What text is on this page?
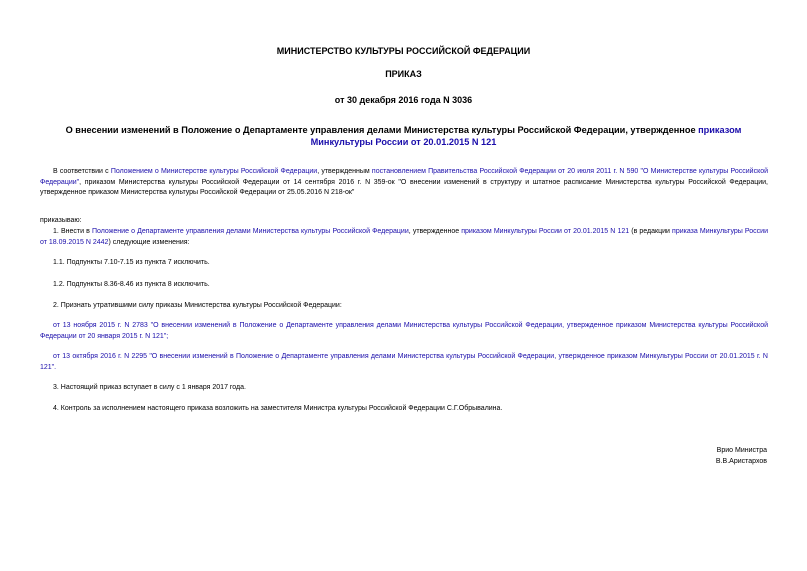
МИНИСТЕРСТВО КУЛЬТУРЫ РОССИЙСКОЙ ФЕДЕРАЦИИ
ПРИКАЗ
от 30 декабря 2016 года N 3036
О внесении изменений в Положение о Департаменте управления делами Министерства культуры Российской Федерации, утвержденное приказом Минкультуры России от 20.01.2015 N 121
В соответствии с Положением о Министерстве культуры Российской Федерации, утвержденным постановлением Правительства Российской Федерации от 20 июля 2011 г. N 590 "О Министерстве культуры Российской Федерации", приказом Министерства культуры Российской Федерации от 14 сентября 2016 г. N 359-ок "О внесении изменений в структуру и штатное расписание Министерства культуры Российской Федерации, утвержденное приказом Министерства культуры Российской Федерации от 25.05.2016 N 218-ок"
приказываю:
1. Внести в Положение о Департаменте управления делами Министерства культуры Российской Федерации, утвержденное приказом Минкультуры России от 20.01.2015 N 121 (в редакции приказа Минкультуры России от 18.09.2015 N 2442) следующие изменения:
1.1. Подпункты 7.10-7.15 из пункта 7 исключить.
1.2. Подпункты 8.36-8.46 из пункта 8 исключить.
2. Признать утратившими силу приказы Министерства культуры Российской Федерации:
от 13 ноября 2015 г. N 2783 "О внесении изменений в Положение о Департаменте управления делами Министерства культуры Российской Федерации, утвержденное приказом Министерства культуры Российской Федерации от 20 января 2015 г. N 121";
от 13 октября 2016 г. N 2295 "О внесении изменений в Положение о Департаменте управления делами Министерства культуры Российской Федерации, утвержденное приказом Минкультуры России от 20.01.2015 г. N 121".
3. Настоящий приказ вступает в силу с 1 января 2017 года.
4. Контроль за исполнением настоящего приказа возложить на заместителя Министра культуры Российской Федерации С.Г.Обрывалина.
Врио Министра
В.В.Аристархов
